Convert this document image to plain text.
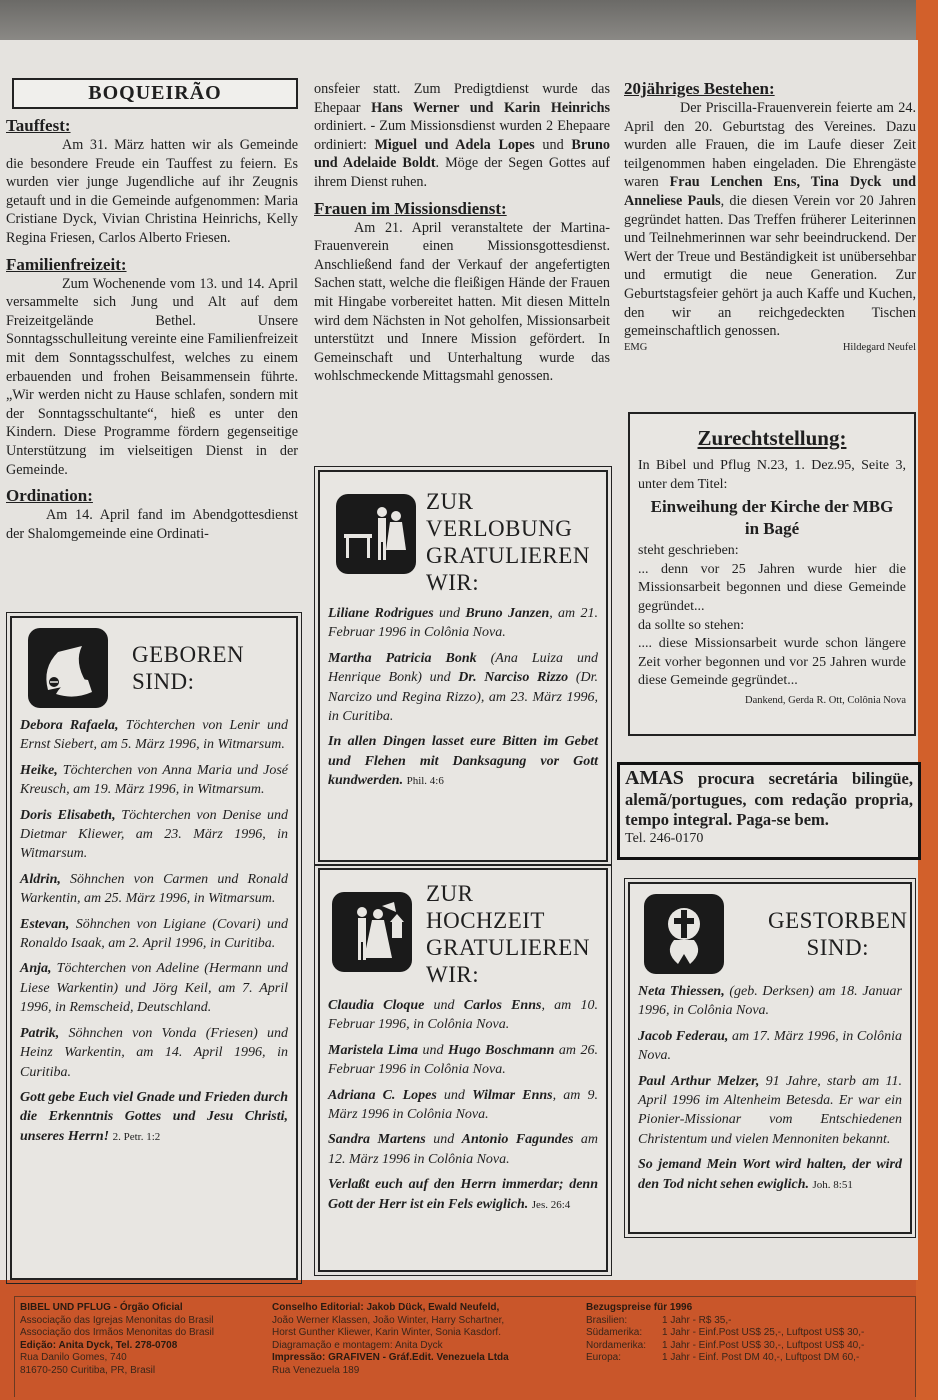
BOQUEIRÃO
Tauffest:

Am 31. März hatten wir als Gemeinde die besondere Freude ein Tauffest zu feiern. Es wurden vier junge Jugendliche auf ihr Zeugnis getauft und in die Gemeinde aufgenommen: Maria Cristiane Dyck, Vivian Christina Heinrichs, Kelly Regina Friesen, Carlos Alberto Friesen.

Familienfreizeit:

Zum Wochenende vom 13. und 14. April versammelte sich Jung und Alt auf dem Freizeitgelände Bethel. Unsere Sonntagsschulleitung vereinte eine Familienfreizeit mit dem Sonntagsschulfest, welches zu einem erbauenden und frohen Beisammensein führte. „Wir werden nicht zu Hause schlafen, sondern mit der Sonntagsschultante“, hieß es unter den Kindern. Diese Programme fördern gegenseitige Unterstützung im vielseitigen Dienst in der Gemeinde.

Ordination:

Am 14. April fand im Abendgottesdienst der Shalomgemeinde eine Ordinati-

GEBOREN
SIND:

Debora Rafaela, Töchterchen von Lenir und Ernst Siebert, am 5. März 1996, in Witmarsum.

Heike, Töchterchen von Anna Maria und José Kreusch, am 19. März 1996, in Witmarsum.

Doris Elisabeth, Töchterchen von Denise und Dietmar Kliewer, am 23. März 1996, in Witmarsum.

Aldrin, Söhnchen von Carmen und Ronald Warkentin, am 25. März 1996, in Witmarsum.

Estevan, Söhnchen von Ligiane (Covari) und Ronaldo Isaak, am 2. April 1996, in Curitiba.

Anja, Töchterchen von Adeline (Hermann und Liese Warkentin) und Jörg Keil, am 7. April 1996, in Remscheid, Deutschland.

Patrik, Söhnchen von Vonda (Friesen) und Heinz Warkentin, am 14. April 1996, in Curitiba.

Gott gebe Euch viel Gnade und Frieden durch die Erkenntnis Gottes und Jesu Christi, unseres Herrn! 2. Petr. 1:2

onsfeier statt. Zum Predigtdienst wurde das Ehepaar Hans Werner und Karin Heinrichs ordiniert. - Zum Missionsdienst wurden 2 Ehepaare ordiniert: Miguel und Adela Lopes und Bruno und Adelaide Boldt. Möge der Segen Gottes auf ihrem Dienst ruhen.

Frauen im Missionsdienst:

Am 21. April veranstaltete der Martina-Frauenverein einen Missionsgottesdienst. Anschließend fand der Verkauf der angefertigten Sachen statt, welche die fleißigen Hände der Frauen mit Hingabe vorbereitet hatten. Mit diesen Mitteln wird dem Nächsten in Not geholfen, Missionsarbeit unterstützt und Innere Mission gefördert. In Gemeinschaft und Unterhaltung wurde das wohlschmeckende Mittagsmahl genossen.

ZUR
VERLOBUNG
GRATULIEREN
WIR:

Liliane Rodrigues und Bruno Janzen, am 21. Februar 1996 in Colônia Nova.

Martha Patricia Bonk (Ana Luiza und Henrique Bonk) und Dr. Narciso Rizzo (Dr. Narcizo und Regina Rizzo), am 23. März 1996, in Curitiba.

In allen Dingen lasset eure Bitten im Gebet und Flehen mit Danksagung vor Gott kundwerden. Phil. 4:6

ZUR
HOCHZEIT
GRATULIEREN
WIR:

Claudia Cloque und Carlos Enns, am 10. Februar 1996, in Colônia Nova.

Maristela Lima und Hugo Boschmann am 26. Februar 1996 in Colônia Nova.

Adriana C. Lopes und Wilmar Enns, am 9. März 1996 in Colônia Nova.

Sandra Martens und Antonio Fagundes am 12. März 1996 in Colônia Nova.

Verlaßt euch auf den Herrn immerdar; denn Gott der Herr ist ein Fels ewiglich. Jes. 26:4

20jähriges Bestehen:

Der Priscilla-Frauenverein feierte am 24. April den 20. Geburtstag des Vereines. Dazu wurden alle Frauen, die im Laufe dieser Zeit teilgenommen haben eingeladen. Die Ehrengäste waren Frau Lenchen Ens, Tina Dyck und Anneliese Pauls, die diesen Verein vor 20 Jahren gegründet hatten. Das Treffen früherer Leiterinnen und Teilnehmerinnen war sehr beeindruckend. Der Wert der Treue und Beständigkeit ist unübersehbar und ermutigt die neue Generation. Zur Geburtstagsfeier gehört ja auch Kaffe und Kuchen, den wir an reichgedeckten Tischen gemeinschaftlich genossen.

EMG	Hildegard Neufel
Zurechtstellung:

In Bibel und Pflug N.23, 1. Dez.95, Seite 3, unter dem Titel:

Einweihung der Kirche der MBG in Bagé

steht geschrieben:

... denn vor 25 Jahren wurde hier die Missionsarbeit begonnen und diese Gemeinde gegründet...

da sollte so stehen:

.... diese Missionsarbeit wurde schon längere Zeit vorher begonnen und vor 25 Jahren wurde diese Gemeinde gegründet...

Dankend, Gerda R. Ott, Colônia Nova

AMAS procura secretária bilingüe, alemã/portugues, com redação propria, tempo integral. Paga-se bem.

Tel. 246-0170
GESTORBEN
SIND:

Neta Thiessen, (geb. Derksen) am 18. Januar 1996, in Colônia Nova.

Jacob Federau, am 17. März 1996, in Colônia Nova.

Paul Arthur Melzer, 91 Jahre, starb am 11. April 1996 im Altenheim Betesda. Er war ein Pionier-Missionar vom Entschiedenen Christentum und vielen Mennoniten bekannt.

So jemand Mein Wort wird halten, der wird den Tod nicht sehen ewiglich. Joh. 8:51

BIBEL UND PFLUG - Órgão Oficial
Associação das Igrejas Menonitas do Brasil
Associação dos Irmãos Menonitas do Brasil
Edição: Anita Dyck, Tel. 278-0708
Rua Danilo Gomes, 740
81670-250 Curitiba, PR, Brasil
Conselho Editorial: Jakob Dück, Ewald Neufeld,
João Werner Klassen, João Winter, Harry Schartner,
Horst Gunther Kliewer, Karin Winter, Sonia Kasdorf.
Diagramação e montagem: Anita Dyck
Impressão: GRAFIVEN - Gráf.Edit. Venezuela Ltda
Rua Venezuela 189
Bezugspreise für 1996
Brasilien:	1 Jahr - R$ 35,-
Südamerika:	1 Jahr - Einf.Post US$ 25,-, Luftpost US$ 30,-
Nordamerika:	1 Jahr - Einf.Post US$ 30,-, Luftpost US$ 40,-
Europa:	1 Jahr - Einf. Post DM 40,-, Luftpost DM 60,-
